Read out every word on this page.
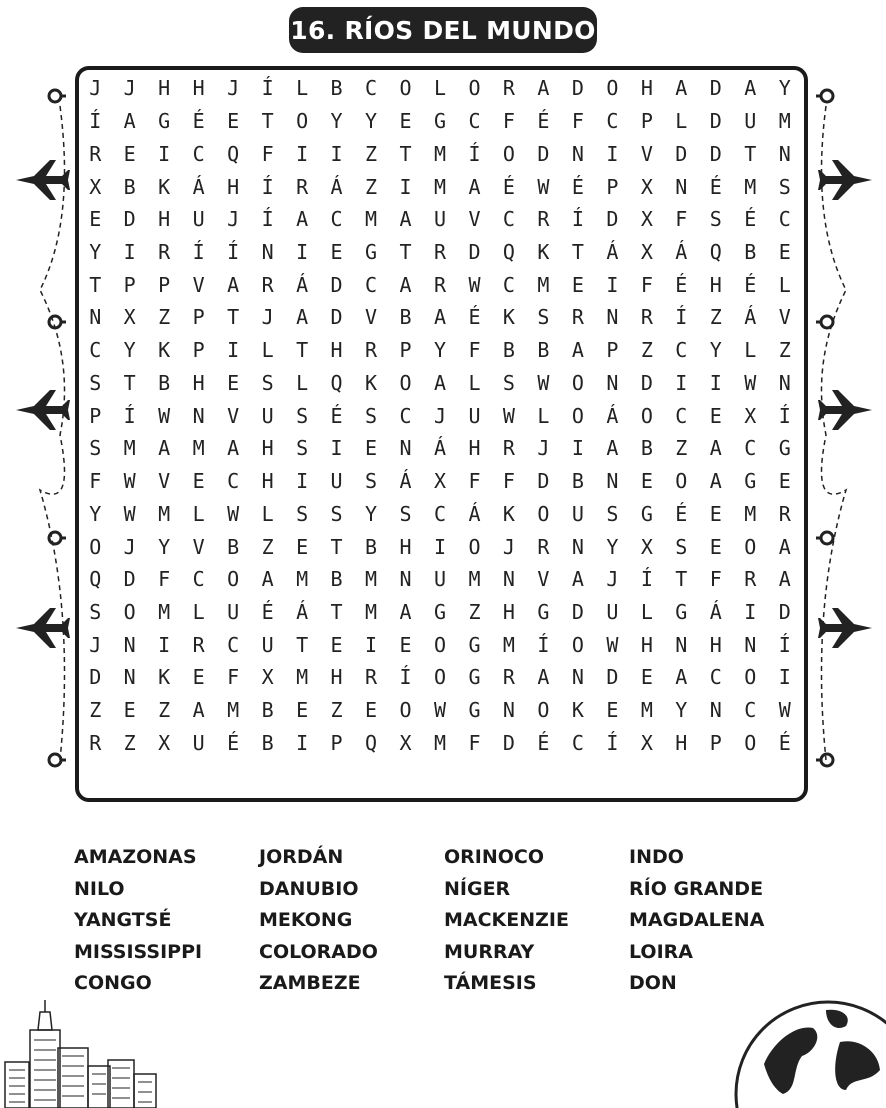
16. RÍOS DEL MUNDO
J	J	H	H	J	Í	L	B	C	O	L	O	R	A	D	O	H	A	D	A	Y
Í	A	G	É	E	T	O	Y	Y	E	G	C	F	É	F	C	P	L	D	U	M
R	E	I	C	Q	F	I	I	Z	T	M	Í	O	D	N	I	V	D	D	T	N
X	B	K	Á	H	Í	R	Á	Z	I	M	A	É	W	É	P	X	N	É	M	S
E	D	H	U	J	Í	A	C	M	A	U	V	C	R	Í	D	X	F	S	É	C
Y	I	R	Í	Í	N	I	E	G	T	R	D	Q	K	T	Á	X	Á	Q	B	E
T	P	P	V	A	R	Á	D	C	A	R	W	C	M	E	I	F	É	H	É	L
N	X	Z	P	T	J	A	D	V	B	A	É	K	S	R	N	R	Í	Z	Á	V
C	Y	K	P	I	L	T	H	R	P	Y	F	B	B	A	P	Z	C	Y	L	Z
S	T	B	H	E	S	L	Q	K	O	A	L	S	W	O	N	D	I	I	W	N
P	Í	W	N	V	U	S	É	S	C	J	U	W	L	O	Á	O	C	E	X	Í
S	M	A	M	A	H	S	I	E	N	Á	H	R	J	I	A	B	Z	A	C	G
F	W	V	E	C	H	I	U	S	Á	X	F	F	D	B	N	E	O	A	G	E
Y	W	M	L	W	L	S	S	Y	S	C	Á	K	O	U	S	G	É	E	M	R
O	J	Y	V	B	Z	E	T	B	H	I	O	J	R	N	Y	X	S	E	O	A
Q	D	F	C	O	A	M	B	M	N	U	M	N	V	A	J	Í	T	F	R	A
S	O	M	L	U	É	Á	T	M	A	G	Z	H	G	D	U	L	G	Á	I	D
J	N	I	R	C	U	T	E	I	E	O	G	M	Í	O	W	H	N	H	N	Í
D	N	K	E	F	X	M	H	R	Í	O	G	R	A	N	D	E	A	C	O	I
Z	E	Z	A	M	B	E	Z	E	O	W	G	N	O	K	E	M	Y	N	C	W
R	Z	X	U	É	B	I	P	Q	X	M	F	D	É	C	Í	X	H	P	O	É
AMAZONAS	JORDÁN	ORINOCO	INDO
NILO	DANUBIO	NÍGER	RÍO GRANDE
YANGTSÉ	MEKONG	MACKENZIE	MAGDALENA
MISSISSIPPI	COLORADO	MURRAY	LOIRA
CONGO	ZAMBEZE	TÁMESIS	DON
